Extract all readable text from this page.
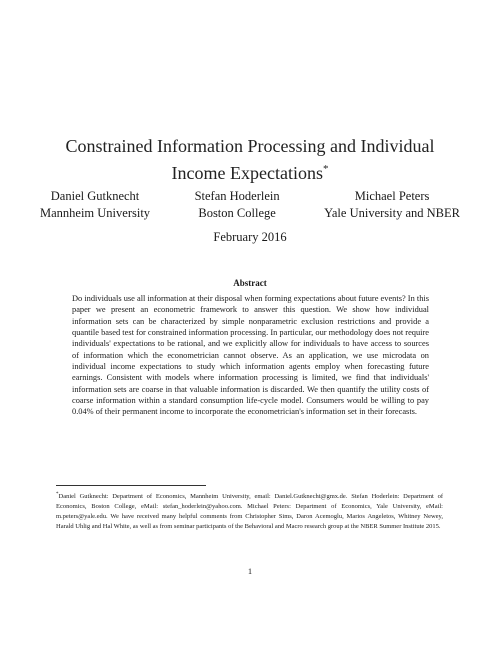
Constrained Information Processing and Individual
Income Expectations*
Daniel Gutknecht
Mannheim University
Stefan Hoderlein
Boston College
Michael Peters
Yale University and NBER
February 2016
Abstract
Do individuals use all information at their disposal when forming expectations about future events? In this paper we present an econometric framework to answer this question. We show how individual information sets can be characterized by simple nonparametric exclusion restrictions and provide a quantile based test for constrained information processing. In particular, our methodology does not require individuals' expectations to be rational, and we explicitly allow for individuals to have access to sources of information which the econometrician cannot observe. As an application, we use microdata on individual income expectations to study which information agents employ when forecasting future earnings. Consistent with models where information processing is limited, we find that individuals' information sets are coarse in that valuable information is discarded. We then quantify the utility costs of coarse information within a standard consumption life-cycle model. Consumers would be willing to pay 0.04% of their permanent income to incorporate the econometrician's information set in their forecasts.
*Daniel Gutknecht: Department of Economics, Mannheim University, email: Daniel.Gutknecht@gmx.de. Stefan Hoderlein: Department of Economics, Boston College, eMail: stefan_hoderlein@yahoo.com. Michael Peters: Department of Economics, Yale University, eMail: m.peters@yale.edu. We have received many helpful comments from Christopher Sims, Daron Acemoglu, Marios Angeletos, Whitney Newey, Harald Uhlig and Hal White, as well as from seminar participants of the Behavioral and Macro research group at the NBER Summer Institute 2015.
1
